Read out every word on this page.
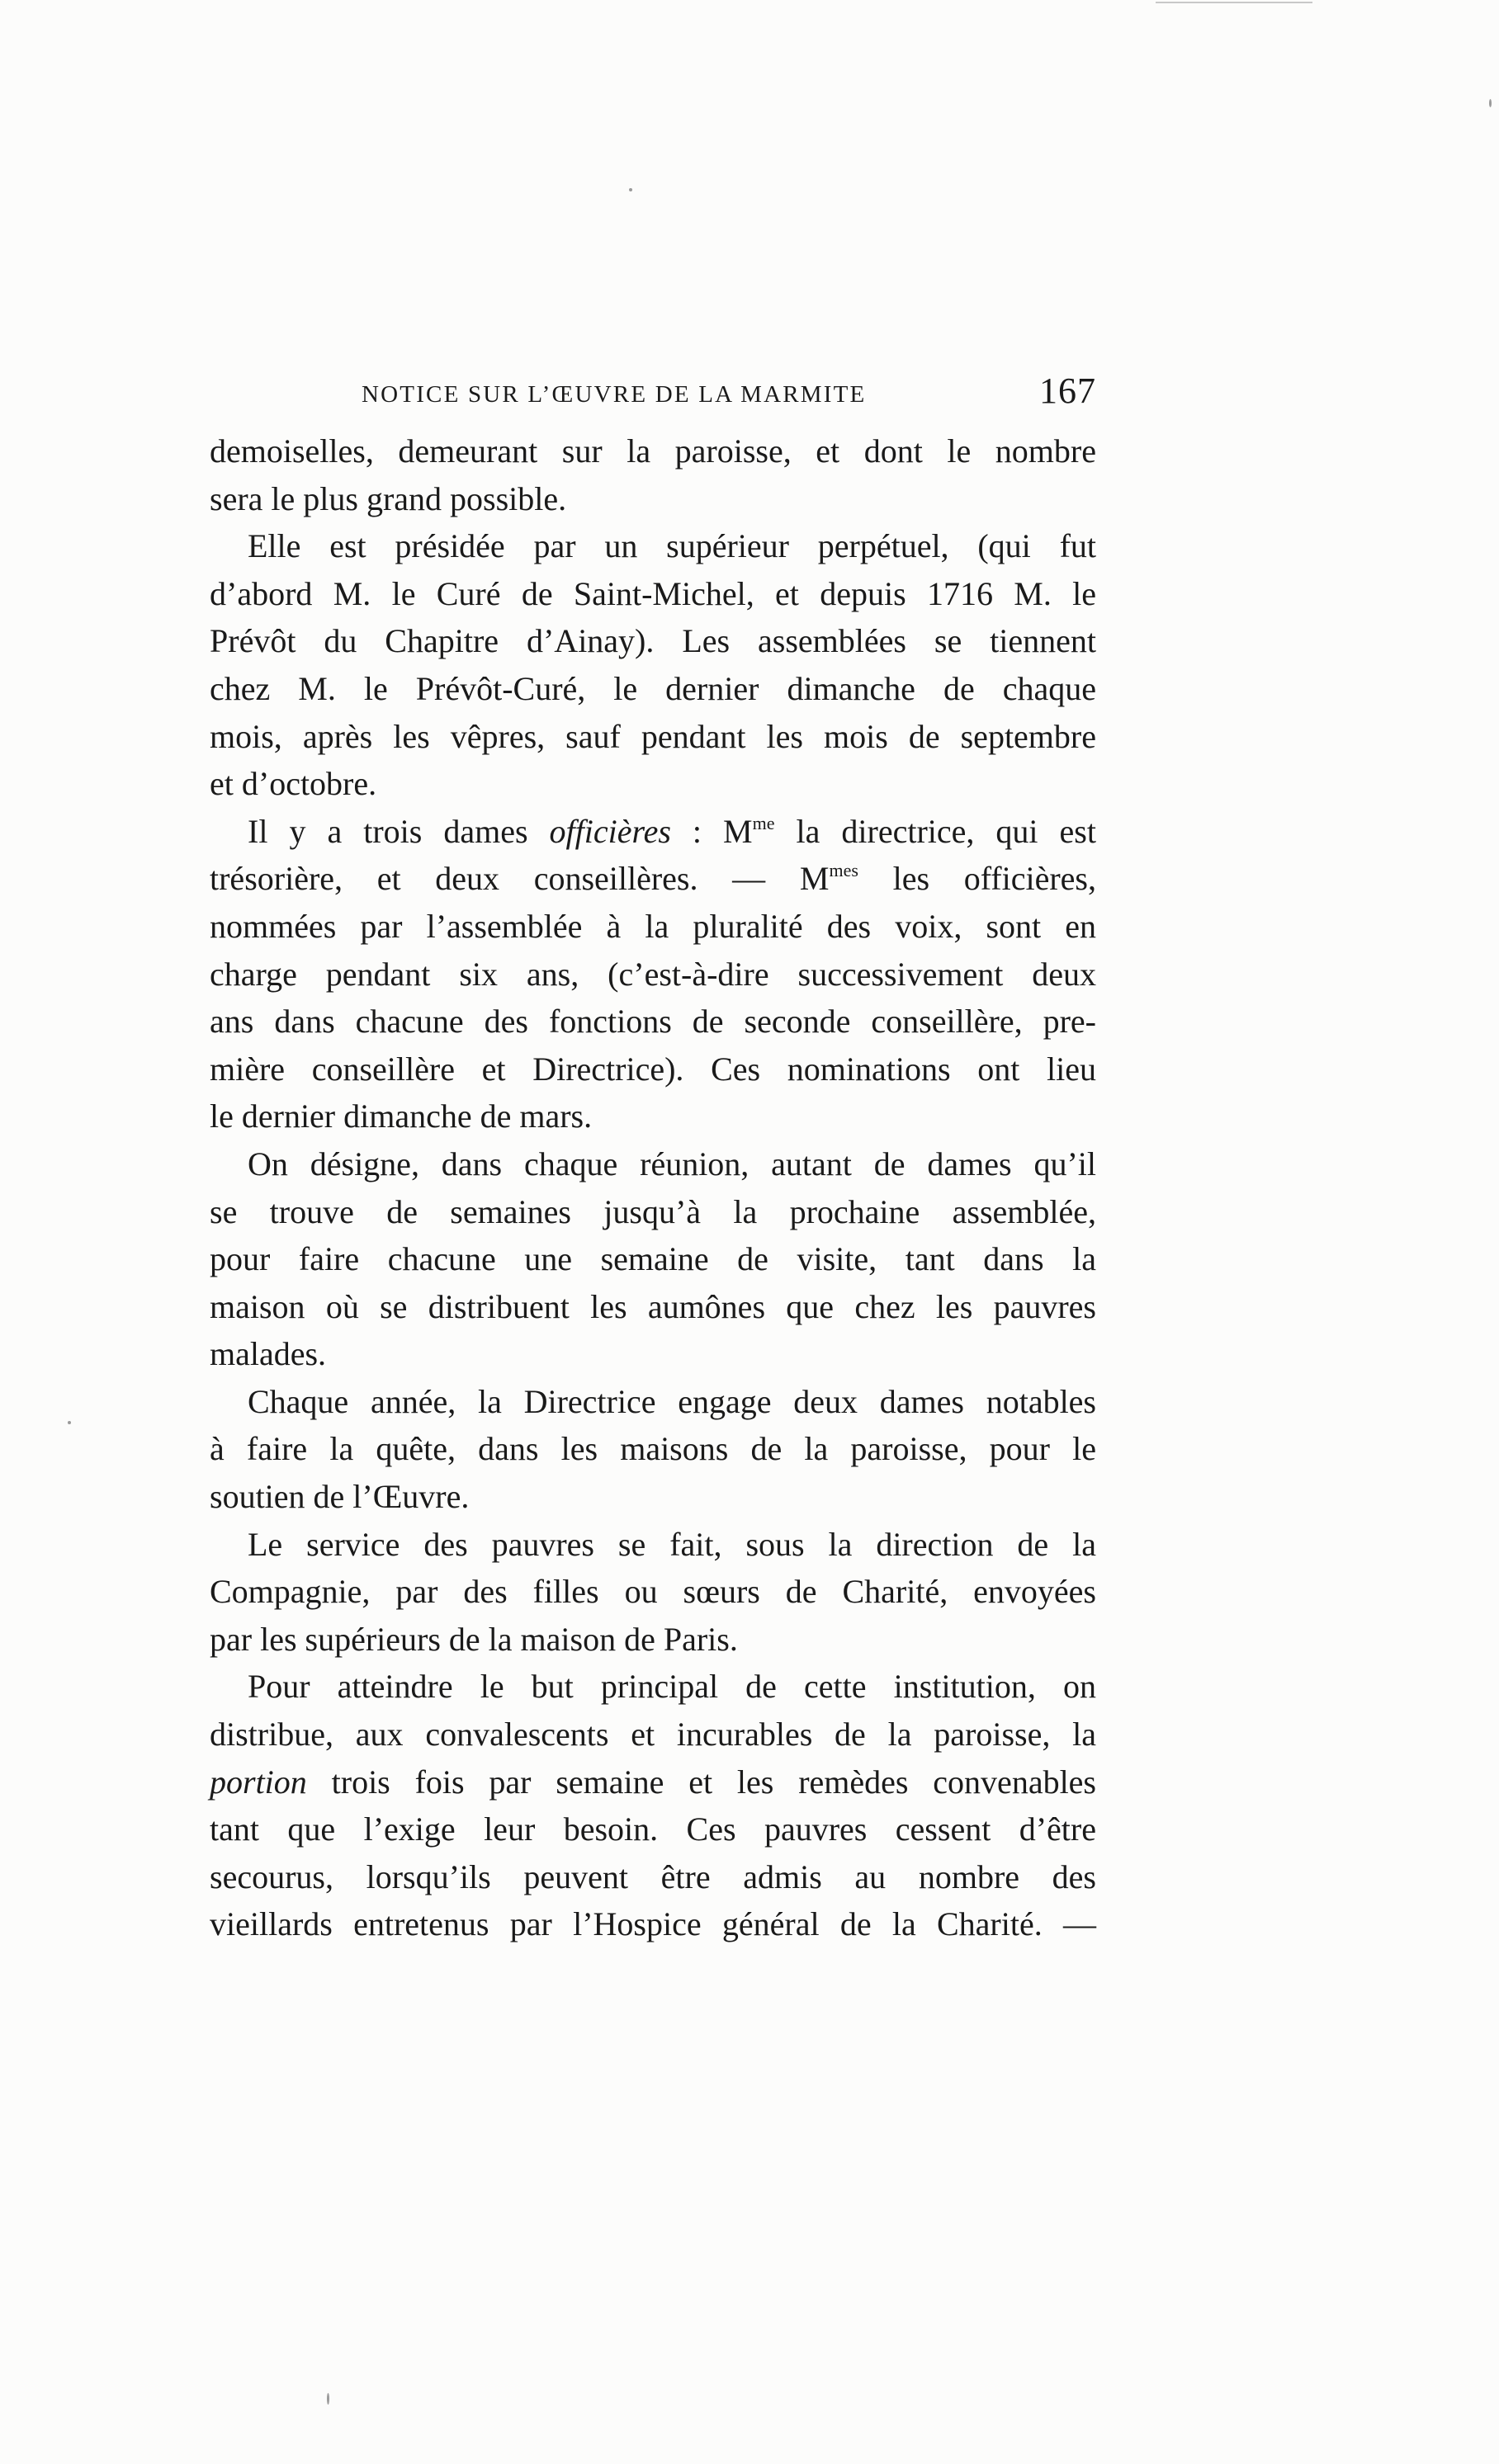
NOTICE SUR L’ŒUVRE DE LA MARMITE	167
demoiselles, demeurant sur la paroisse, et dont le nombre
sera le plus grand possible.
Elle est présidée par un supérieur perpétuel, (qui fut
d’abord M. le Curé de Saint-Michel, et depuis 1716 M. le
Prévôt du Chapitre d’Ainay). Les assemblées se tiennent
chez M. le Prévôt-Curé, le dernier dimanche de chaque
mois, après les vêpres, sauf pendant les mois de septembre
et d’octobre.
Il y a trois dames officières : $M^{me}$ la directrice, qui est
trésorière, et deux conseillères. — $M^{mes}$ les officières,
nommées par l’assemblée à la pluralité des voix, sont en
charge pendant six ans, (c’est-à-dire successivement deux
ans dans chacune des fonctions de seconde conseillère, pre-
mière conseillère et Directrice). Ces nominations ont lieu
le dernier dimanche de mars.
On désigne, dans chaque réunion, autant de dames qu’il
se trouve de semaines jusqu’à la prochaine assemblée,
pour faire chacune une semaine de visite, tant dans la
maison où se distribuent les aumônes que chez les pauvres
malades.
Chaque année, la Directrice engage deux dames notables
à faire la quête, dans les maisons de la paroisse, pour le
soutien de l’Œuvre.
Le service des pauvres se fait, sous la direction de la
Compagnie, par des filles ou sœurs de Charité, envoyées
par les supérieurs de la maison de Paris.
Pour atteindre le but principal de cette institution, on
distribue, aux convalescents et incurables de la paroisse, la
portion trois fois par semaine et les remèdes convenables
tant que l’exige leur besoin. Ces pauvres cessent d’être
secourus, lorsqu’ils peuvent être admis au nombre des
vieillards entretenus par l’Hospice général de la Charité. —
